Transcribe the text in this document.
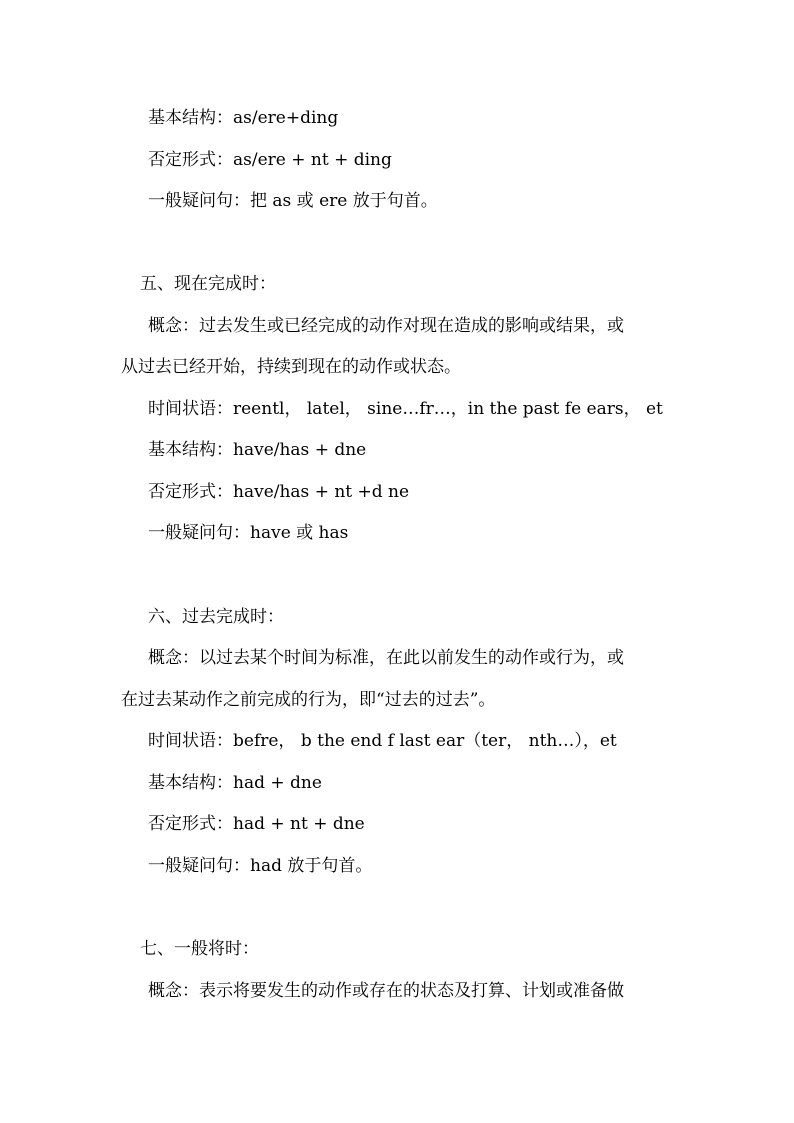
基本结构：as/ere+ding
否定形式：as/ere + nt + ding
一般疑问句：把 as 或 ere 放于句首。
五、现在完成时：
概念：过去发生或已经完成的动作对现在造成的影响或结果，或
从过去已经开始，持续到现在的动作或状态。
时间状语：reentl， latel， sine…fr…，in the past fe ears， et
基本结构：have/has + dne
否定形式：have/has + nt +d ne
一般疑问句：have 或 has
六、过去完成时：
概念：以过去某个时间为标准，在此以前发生的动作或行为，或
在过去某动作之前完成的行为，即“过去的过去”。
时间状语：befre， b the end f last ear（ter， nth…），et
基本结构：had + dne
否定形式：had + nt + dne
一般疑问句：had 放于句首。
七、一般将时：
概念：表示将要发生的动作或存在的状态及打算、计划或准备做
